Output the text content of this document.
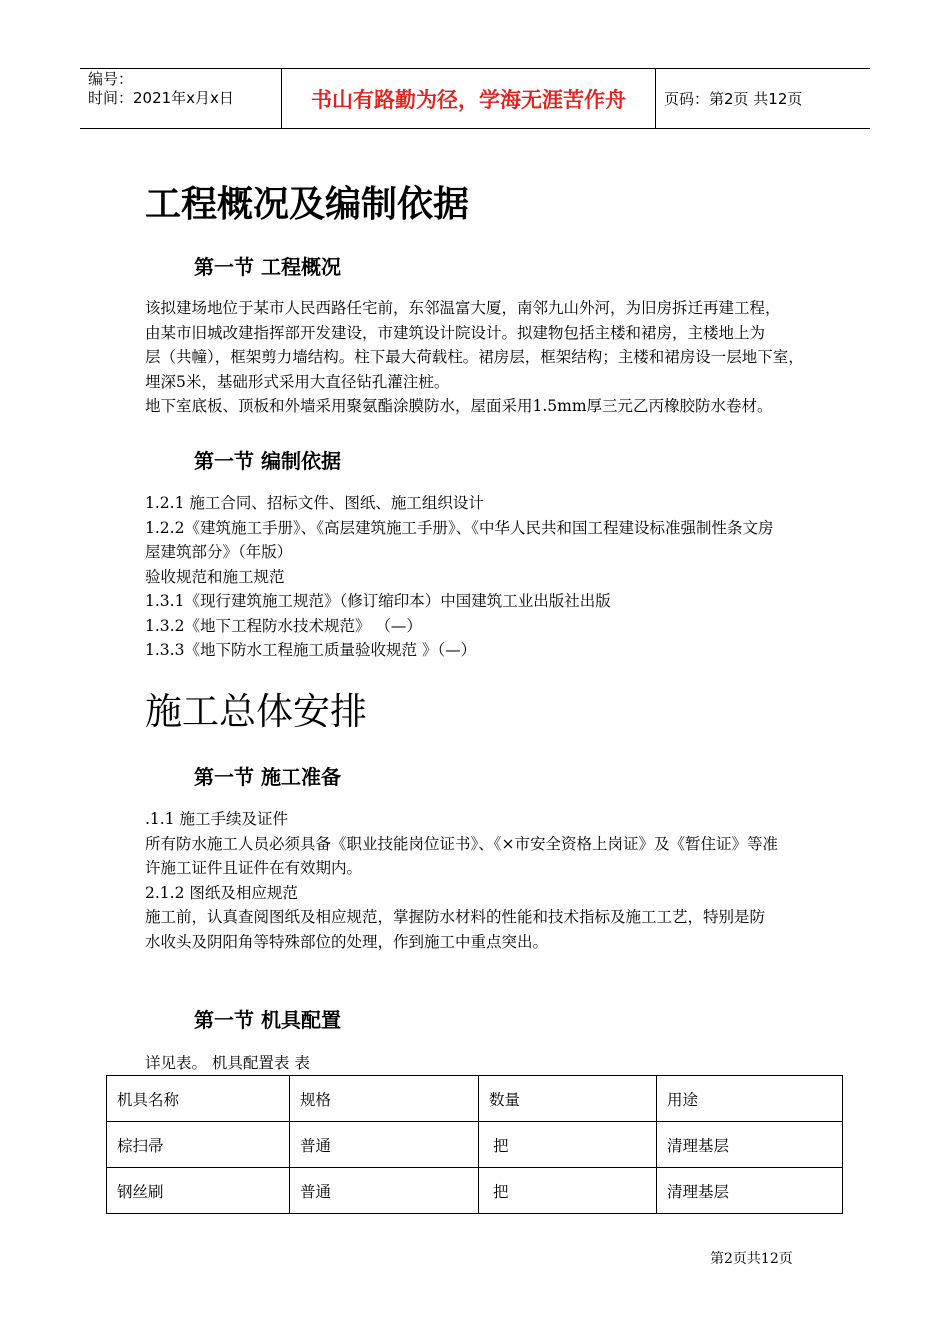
编号：
时间：2021年x月x日	书山有路勤为径，学海无涯苦作舟	页码：第2页 共12页
工程概况及编制依据
第一节 工程概况
该拟建场地位于某市人民西路任宅前，东邻温富大厦，南邻九山外河，为旧房拆迁再建工程，
由某市旧城改建指挥部开发建设，市建筑设计院设计。拟建物包括主楼和裙房，主楼地上为
层（共幢），框架剪力墙结构。柱下最大荷载柱。裙房层，框架结构；主楼和裙房设一层地下室，
埋深5米，基础形式采用大直径钻孔灌注桩。
地下室底板、顶板和外墙采用聚氨酯涂膜防水，屋面采用1.5mm厚三元乙丙橡胶防水卷材。
第一节 编制依据
1.2.1 施工合同、招标文件、图纸、施工组织设计
1.2.2《建筑施工手册》、《高层建筑施工手册》、《中华人民共和国工程建设标准强制性条文房
屋建筑部分》（年版）
验收规范和施工规范
1.3.1《现行建筑施工规范》（修订缩印本）中国建筑工业出版社出版
1.3.2《地下工程防水技术规范》 （—）
1.3.3《地下防水工程施工质量验收规范 》（—）
施工总体安排
第一节 施工准备
.1.1 施工手续及证件
所有防水施工人员必须具备《职业技能岗位证书》、《×市安全资格上岗证》及《暂住证》等准
许施工证件且证件在有效期内。
2.1.2 图纸及相应规范
施工前，认真查阅图纸及相应规范，掌握防水材料的性能和技术指标及施工工艺，特别是防
水收头及阴阳角等特殊部位的处理，作到施工中重点突出。
第一节 机具配置
详见表。 机具配置表 表
机具名称	规格	数量	用途
棕扫帚	普通	把	清理基层
钢丝刷	普通	把	清理基层
第2页共12页
